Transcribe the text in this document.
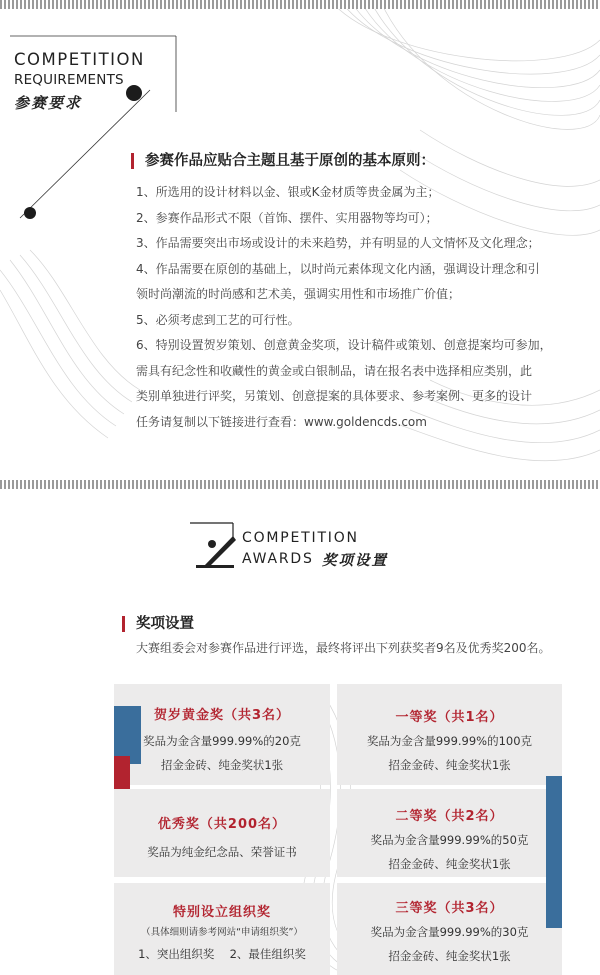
COMPETITION
REQUIREMENTS
参赛要求
参赛作品应贴合主题且基于原创的基本原则：

1、所选用的设计材料以金、银或K金材质等贵金属为主；

2、参赛作品形式不限（首饰、摆件、实用器物等均可）；

3、作品需要突出市场或设计的未来趋势，并有明显的人文情怀及文化理念；

4、作品需要在原创的基础上，以时尚元素体现文化内涵，强调设计理念和引

领时尚潮流的时尚感和艺术美，强调实用性和市场推广价值；

5、必须考虑到工艺的可行性。

6、特别设置贺岁策划、创意黄金奖项，设计稿件或策划、创意提案均可参加，

需具有纪念性和收藏性的黄金或白银制品，请在报名表中选择相应类别，此

类别单独进行评奖，另策划、创意提案的具体要求、参考案例、更多的设计

任务请复制以下链接进行查看：www.goldencds.com

COMPETITION
AWARDS 奖项设置
奖项设置
大赛组委会对参赛作品进行评选，最终将评出下列获奖者9名及优秀奖200名。
贺岁黄金奖（共3名）
奖品为金含量999.99%的20克
招金金砖、纯金奖状1张
优秀奖（共200名）
奖品为纯金纪念品、荣誉证书
特别设立组织奖
（具体细则请参考网站“申请组织奖”）
1、突出组织奖　 2、最佳组织奖
一等奖（共1名）
奖品为金含量999.99%的100克
招金金砖、纯金奖状1张
二等奖（共2名）
奖品为金含量999.99%的50克
招金金砖、纯金奖状1张
三等奖（共3名）
奖品为金含量999.99%的30克
招金金砖、纯金奖状1张
